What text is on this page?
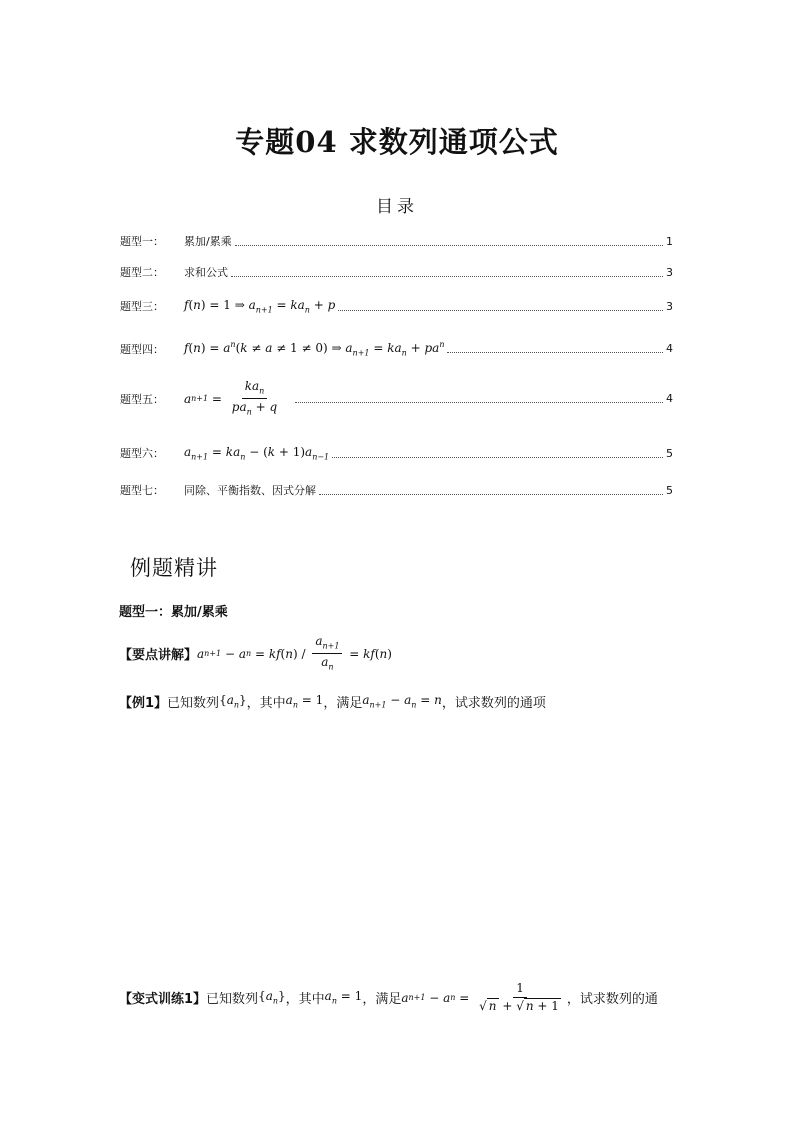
专题04 求数列通项公式
目录
题型一：	累加/累乘	1
题型二：	求和公式	3
题型三：	f(n) = 1 ⇒ $a_{n+1} = ka_n + p$	3
题型四：	$f(n) = a^n(k \ne a \ne 1 \ne 0)$ ⇒ $a_{n+1} = ka_n + pa^n$	4
题型五：	a $n+1 = \frac{ka_n}{pa_n + q}$	4
题型六：	$a_{n+1} = ka_n - (k + 1)a_{n-1}$	5
题型七：	同除、平衡指数、因式分解	5
例题精讲
题型一：累加/累乘
【要点讲解】 a n+1 − a n = kf ( n ) / $\frac{a_{n+1}}{a_n}$ = kf ( n )
【例1】 已知数列 $\{a_n\}$ ，其中 $a_n = 1$ ，满足 $a_{n+1} - a_n = n$ ，试求数列的通项
【变式训练1】 已知数列 $\{a_n\}$ ，其中 $a_n = 1$ ，满足 a n+1 − a $n = \frac{1}{√ n + √ n + 1}$ ，试求数列的通
